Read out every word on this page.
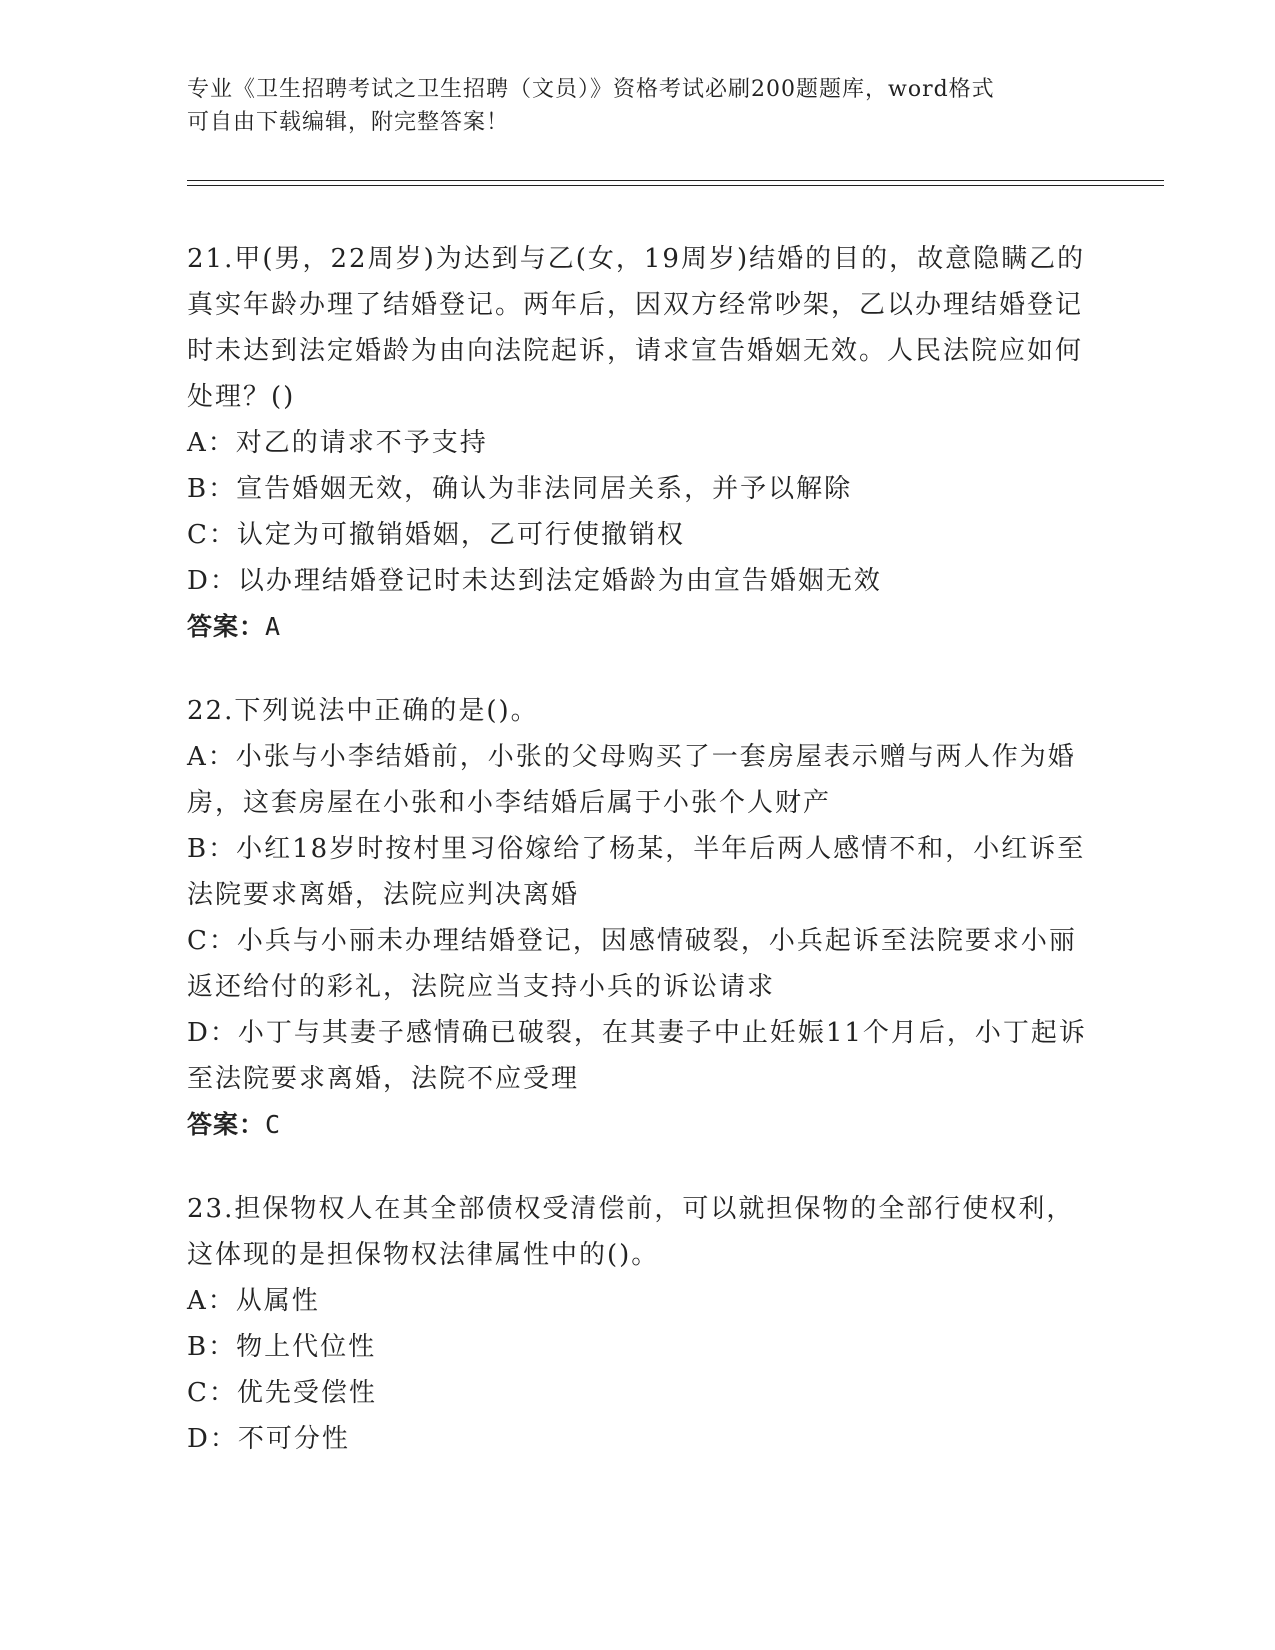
专业《卫生招聘考试之卫生招聘（文员）》资格考试必刷200题题库，word格式
可自由下载编辑，附完整答案！
21.甲(男，22周岁)为达到与乙(女，19周岁)结婚的目的，故意隐瞒乙的真实年龄办理了结婚登记。两年后，因双方经常吵架，乙以办理结婚登记时未达到法定婚龄为由向法院起诉，请求宣告婚姻无效。人民法院应如何处理？()
A：对乙的请求不予支持
B：宣告婚姻无效，确认为非法同居关系，并予以解除
C：认定为可撤销婚姻，乙可行使撤销权
D：以办理结婚登记时未达到法定婚龄为由宣告婚姻无效
答案：A
22.下列说法中正确的是()。
A：小张与小李结婚前，小张的父母购买了一套房屋表示赠与两人作为婚房，这套房屋在小张和小李结婚后属于小张个人财产
B：小红18岁时按村里习俗嫁给了杨某，半年后两人感情不和，小红诉至法院要求离婚，法院应判决离婚
C：小兵与小丽未办理结婚登记，因感情破裂，小兵起诉至法院要求小丽返还给付的彩礼，法院应当支持小兵的诉讼请求
D：小丁与其妻子感情确已破裂，在其妻子中止妊娠11个月后，小丁起诉至法院要求离婚，法院不应受理
答案：C
23.担保物权人在其全部债权受清偿前，可以就担保物的全部行使权利，这体现的是担保物权法律属性中的()。
A：从属性
B：物上代位性
C：优先受偿性
D：不可分性
